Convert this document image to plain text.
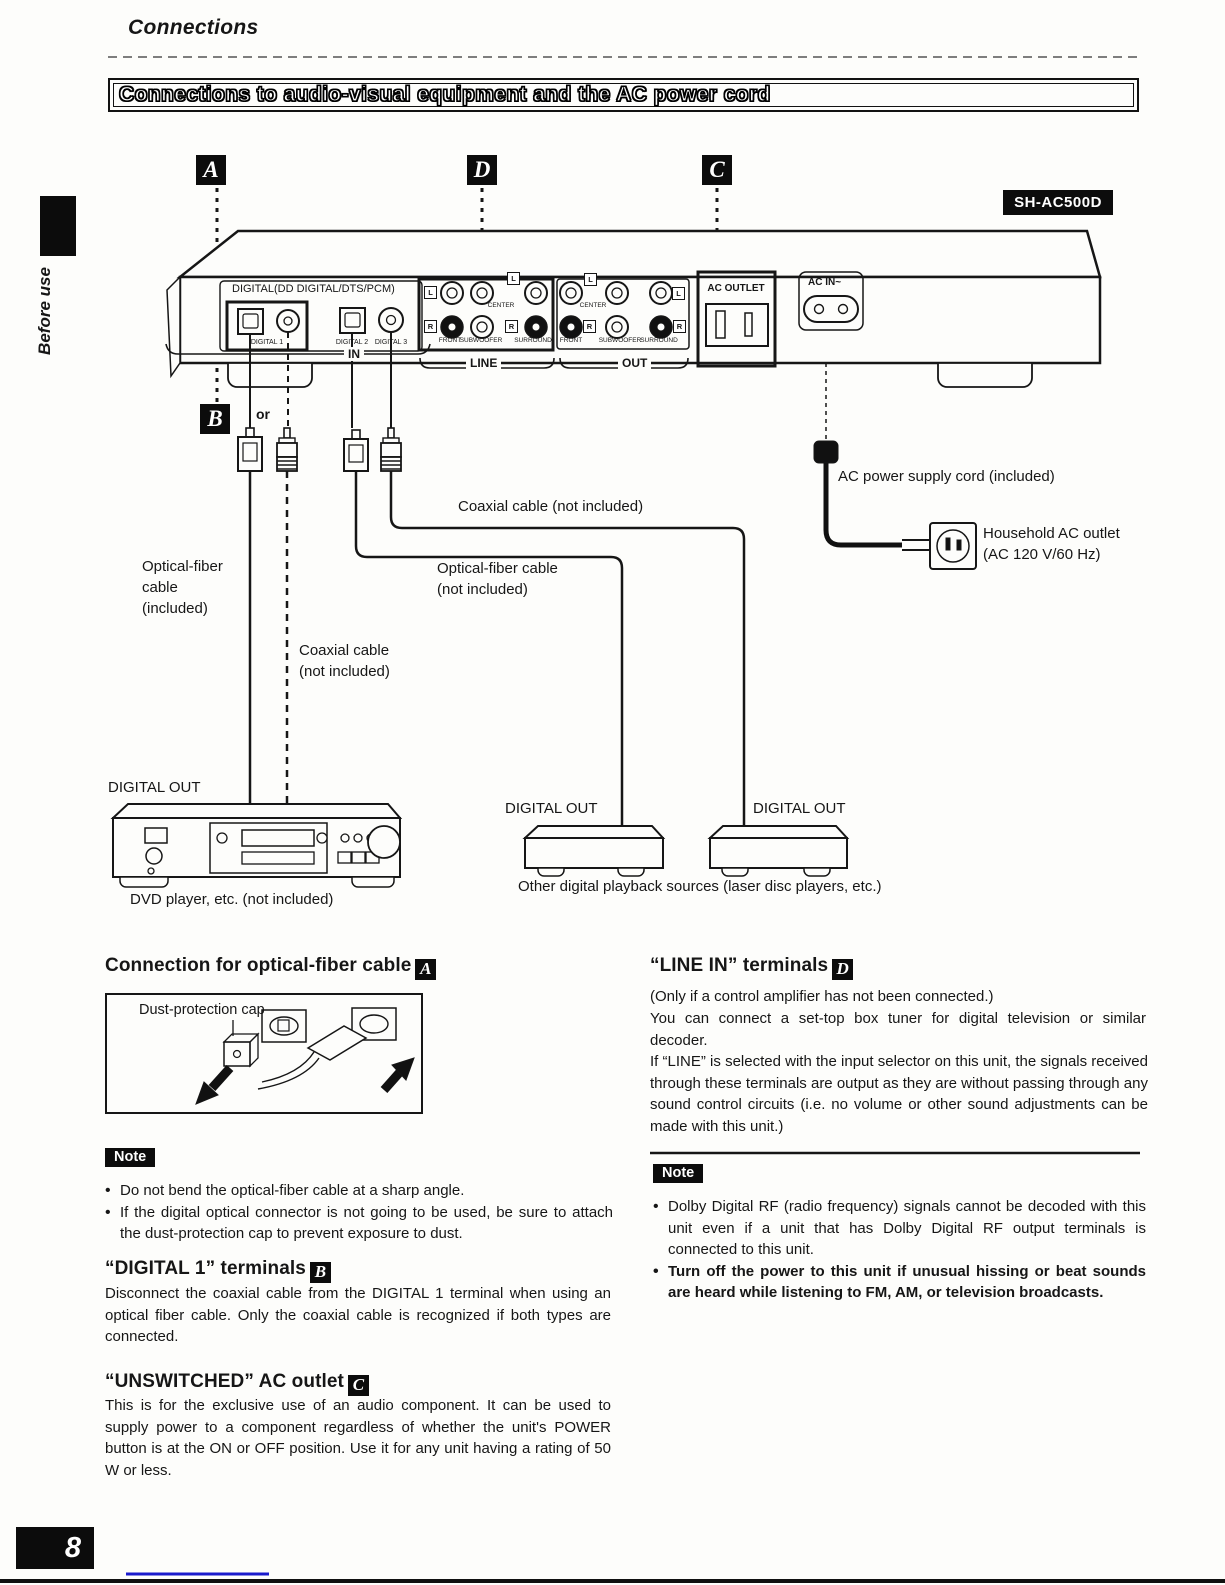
Connections
Connections to audio-visual equipment and the AC power cord
Before use
SH-AC500D
A	D	C
B	or
DIGITAL(DD DIGITAL/DTS/PCM)
DIGITAL 1	DIGITAL 2 DIGITAL 3
L
L
R	R
CENTER
FRONT
SUBWOOFER SURROUND
L
L
R	R
CENTER
FRONT	SUBWOOFER
SURROUND
AC OUTLET
AC IN~
IN
LINE	OUT
Coaxial cable (not included)
Optical-fiber cable
(not included)
Optical-fiber
cable
(included)
Coaxial cable
(not included)
AC power supply cord (included)
Household AC outlet
(AC 120 V/60 Hz)
DIGITAL OUT
DIGITAL OUT	DIGITAL OUT
DVD player, etc. (not included)
Other digital playback sources (laser disc players, etc.)
Connection for optical-fiber cable A
Dust-protection cap
Note
• Do not bend the optical-fiber cable at a sharp angle.
• If the digital optical connector is not going to be used, be sure to attach the dust-protection cap to prevent exposure to dust.
“DIGITAL 1” terminals B

Disconnect the coaxial cable from the DIGITAL 1 terminal when using an optical fiber cable. Only the coaxial cable is recognized if both types are connected.

“UNSWITCHED” AC outlet C

This is for the exclusive use of an audio component. It can be used to supply power to a component regardless of whether the unit's POWER button is at the ON or OFF position. Use it for any unit having a rating of 50 W or less.

“LINE IN” terminals D

(Only if a control amplifier has not been connected.)

You can connect a set-top box tuner for digital television or similar decoder.

If “LINE” is selected with the input selector on this unit, the signals received through these terminals are output as they are without passing through any sound control circuits (i.e. no volume or other sound adjustments can be made with this unit.)

Note
• Dolby Digital RF (radio frequency) signals cannot be decoded with this unit even if a unit that has Dolby Digital RF output terminals is connected to this unit.
• Turn off the power to this unit if unusual hissing or beat sounds are heard while listening to FM, AM, or television broadcasts.
8
